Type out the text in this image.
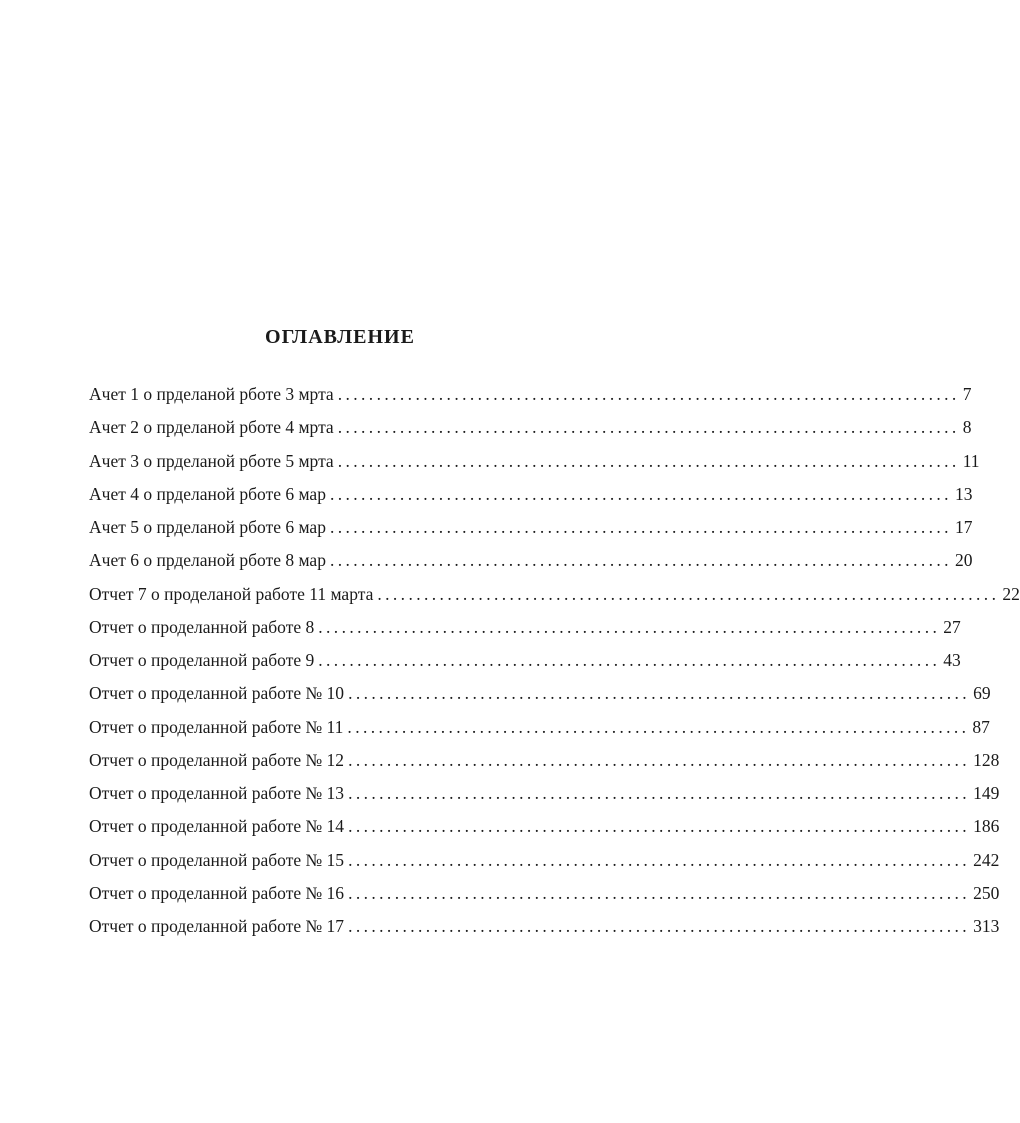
ОГЛАВЛЕНИЕ
Ачет 1 о прделаной рботе 3 мрта ................................................................................ 7
Ачет 2 о прделаной рботе 4 мрта ................................................................................ 8
Ачет 3 о прделаной рботе 5 мрта ................................................................................ 11
Ачет 4 о прделаной рботе 6 мар ................................................................................ 13
Ачет 5 о прделаной рботе 6 мар ................................................................................ 17
Ачет 6 о прделаной рботе 8 мар ................................................................................ 20
Отчет 7 о проделаной работе 11 марта ................................................................................ 22
Отчет о проделанной работе 8 ................................................................................ 27
Отчет о проделанной работе 9 ................................................................................ 43
Отчет о проделанной работе № 10 ................................................................................ 69
Отчет о проделанной работе № 11 ................................................................................ 87
Отчет о проделанной работе № 12 ................................................................................ 128
Отчет о проделанной работе № 13 ................................................................................ 149
Отчет о проделанной работе № 14 ................................................................................ 186
Отчет о проделанной работе № 15 ................................................................................ 242
Отчет о проделанной работе № 16 ................................................................................ 250
Отчет о проделанной работе № 17 ................................................................................ 313
